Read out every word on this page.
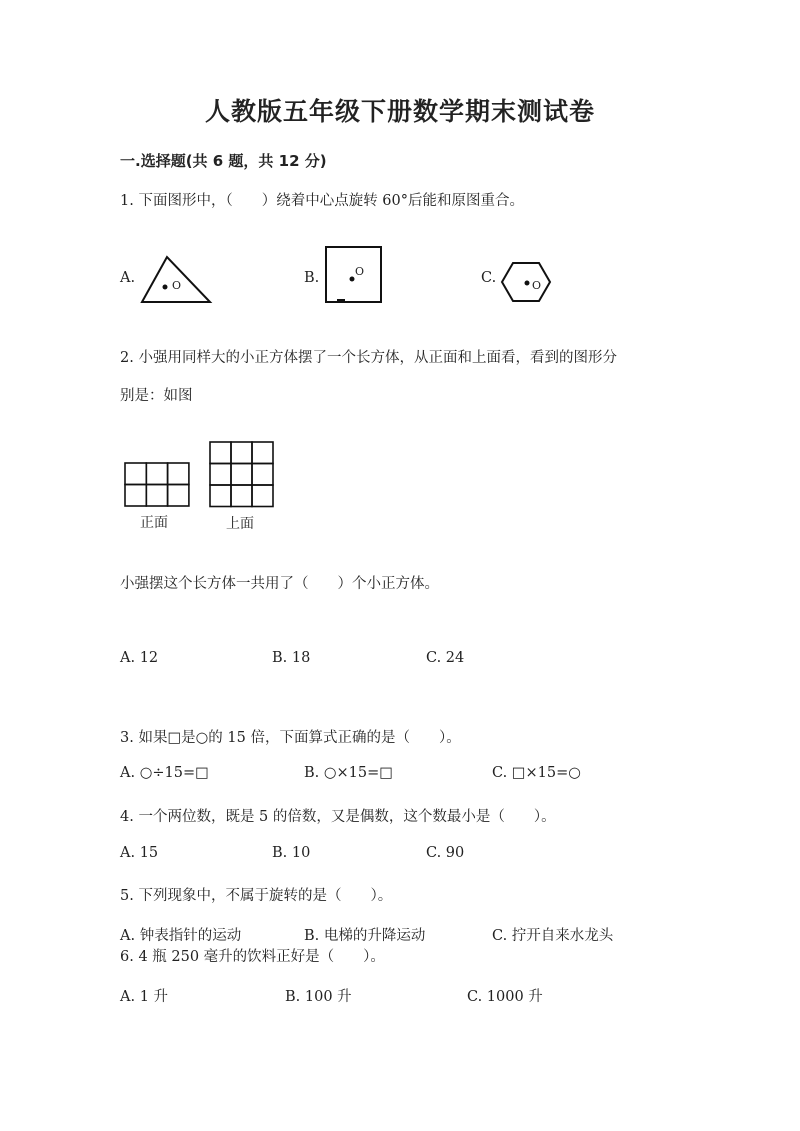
人教版五年级下册数学期末测试卷
一.选择题(共 6 题，共 12 分)
1. 下面图形中，（　　）绕着中心点旋转 60°后能和原图重合。
A.	O	B.	O	C.	O
2. 小强用同样大的小正方体摆了一个长方体，从正面和上面看，看到的图形分
别是：如图
正面	上面
小强摆这个长方体一共用了（　　）个小正方体。
A. 12	B. 18	C. 24
3. 如果□是○的 15 倍，下面算式正确的是（　　）。
A. ○÷15=□	B. ○×15=□	C. □×15=○
4. 一个两位数，既是 5 的倍数，又是偶数，这个数最小是（　　）。
A. 15	B. 10	C. 90
5. 下列现象中，不属于旋转的是（　　）。
A. 钟表指针的运动	B. 电梯的升降运动	C. 拧开自来水龙头
6. 4 瓶 250 毫升的饮料正好是（　　）。
A. 1 升	B. 100 升	C. 1000 升
